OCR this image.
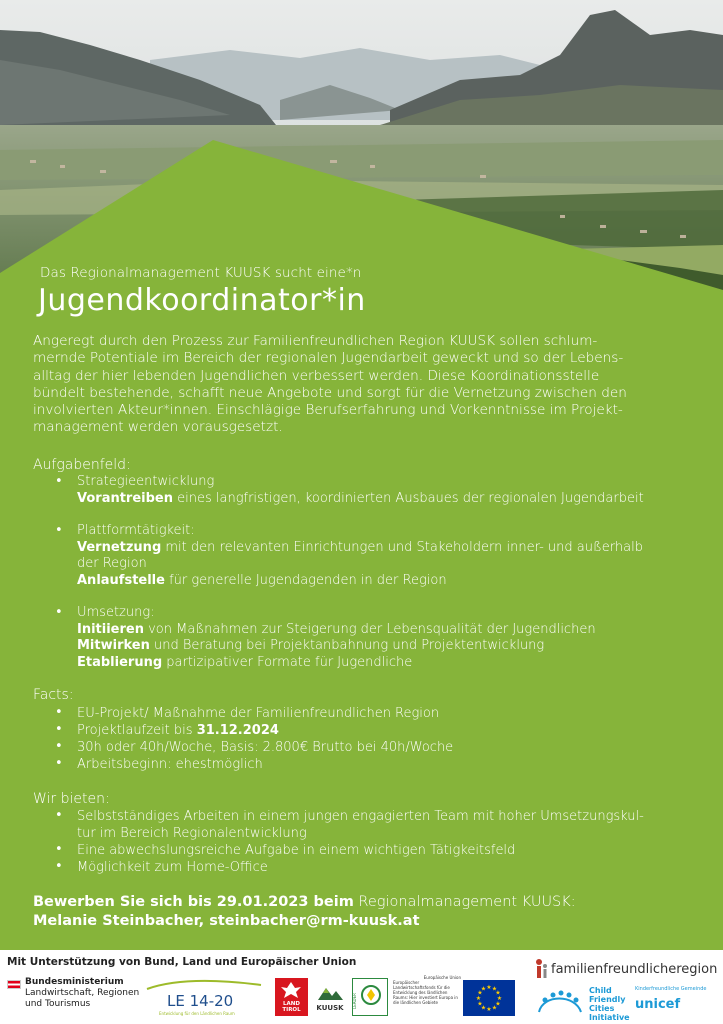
Das Regionalmanagement KUUSK sucht eine*n
Jugendkoordinator*in
Angeregt durch den Prozess zur Familienfreundlichen Region KUUSK sollen schlum-
mernde Potentiale im Bereich der regionalen Jugendarbeit geweckt und so der Lebens-
alltag der hier lebenden Jugendlichen verbessert werden. Diese Koordinationsstelle
bündelt bestehende, schafft neue Angebote und sorgt für die Vernetzung zwischen den
involvierten Akteur*innen. Einschlägige Berufserfahrung und Vorkenntnisse im Projekt-
management werden vorausgesetzt.
Aufgabenfeld:
• Strategieentwicklung
Vorantreiben eines langfristigen, koordinierten Ausbaues der regionalen Jugendarbeit
• Plattformtätigkeit:
Vernetzung mit den relevanten Einrichtungen und Stakeholdern inner- und außerhalb
der Region
Anlaufstelle für generelle Jugendagenden in der Region
• Umsetzung:
Initiieren von Maßnahmen zur Steigerung der Lebensqualität der Jugendlichen
Mitwirken und Beratung bei Projektanbahnung und Projektentwicklung
Etablierung partizipativer Formate für Jugendliche
Facts:
•
•
•
•
EU-Projekt/ Maßnahme der Familienfreundlichen Region
Projektlaufzeit bis 31.12.2024
30h oder 40h/Woche, Basis: 2.800€ Brutto bei 40h/Woche
Arbeitsbeginn: ehestmöglich
Wir bieten:
•
•
•
Selbstständiges Arbeiten in einem jungen engagierten Team mit hoher Umsetzungskul-
tur im Bereich Regionalentwicklung
Eine abwechslungsreiche Aufgabe in einem wichtigen Tätigkeitsfeld
Möglichkeit zum Home-Office
Bewerben Sie sich bis 29.01.2023 beim Regionalmanagement KUUSK:
Melanie Steinbacher, steinbacher@rm-kuusk.at
Mit Unterstützung von Bund, Land und Europäischer Union
Bundesministerium
Landwirtschaft, Regionen
und Tourismus	LE 14-20
Entwicklung für den Ländlichen Raum
LAND TIROL	KUUSK LEADER
Europäische Union
Europäischer Landwirtschaftsfonds für die Entwicklung des ländlichen Raums: Hier investiert Europa in die ländlichen Gebiete
★ ★
★
★
★
★
★
★
★
★
★
★
familienfreundlicheregion
Child
Friendly
Cities
Initiative
Kinderfreundliche Gemeinde
unicef
